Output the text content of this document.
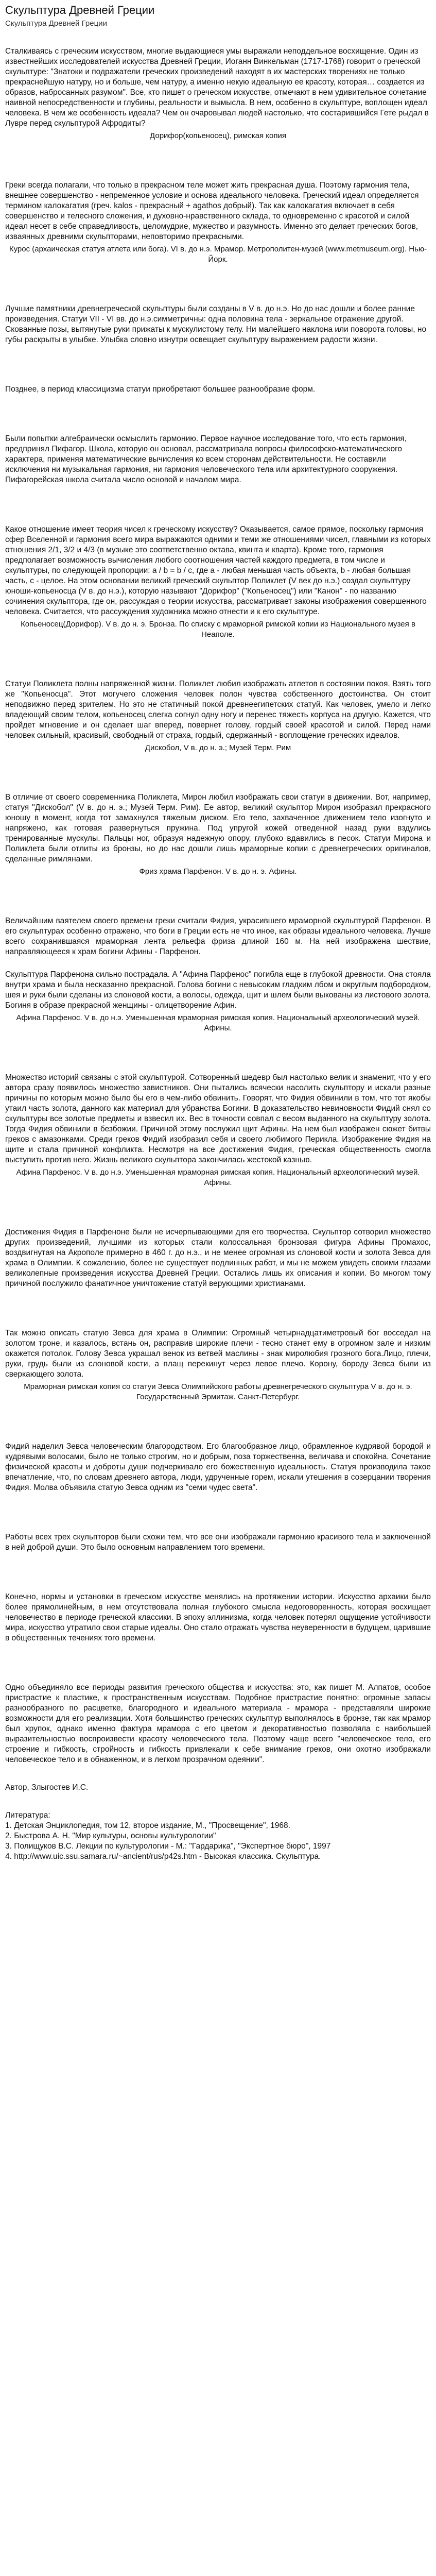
Скульптура Древней Греции
Скульптура Древней Греции

Сталкиваясь с греческим искусством, многие выдающиеся умы выражали неподдельное восхищение. Один из известнейших исследователей искусства Древней Греции, Иоганн Винкельман (1717-1768) говорит о греческой скульптуре: "Знатоки и подражатели греческих произведений находят в их мастерских творениях не только прекраснейшую натуру, но и больше, чем натуру, а именно некую идеальную ее красоту, которая… создается из образов, набросанных разумом". Все, кто пишет о греческом искусстве, отмечают в нем удивительное сочетание наивной непосредственности и глубины, реальности и вымысла. В нем, особенно в скульптуре, воплощен идеал человека. В чем же особенность идеала? Чем он очаровывал людей настолько, что состарившийся Гете рыдал в Лувре перед скульптурой Афродиты?

Дорифор(копьеносец), римская копия

Греки всегда полагали, что только в прекрасном теле может жить прекрасная душа. Поэтому гармония тела, внешнее совершенство - непременное условие и основа идеального человека. Греческий идеал определяется термином калокагатия (греч. kalos - прекрасный + agathos добрый). Так как калокагатия включает в себя совершенство и телесного сложения, и духовно-нравственного склада, то одновременно с красотой и силой идеал несет в себе справедливость, целомудрие, мужество и разумность. Именно это делает греческих богов, изваянных древними скульпторами, неповторимо прекрасными.

Курос (архаическая статуя атлета или бога). VI в. до н.э. Мрамор. Метрополитен-музей (www.metmuseum.org). Нью-Йорк.

Лучшие памятники древнегреческой скульптуры были созданы в V в. до н.э. Но до нас дошли и более ранние произведения. Статуи VII - VI вв. до н.э.симметричны: одна половина тела - зеркальное отражение другой. Скованные позы, вытянутые руки прижаты к мускулистому телу. Ни малейшего наклона или поворота головы, но губы раскрыты в улыбке. Улыбка словно изнутри освещает скульптуру выражением радости жизни.

Позднее, в период классицизма статуи приобретают большее разнообразие форм.

Были попытки алгебраически осмыслить гармонию. Первое научное исследование того, что есть гармония, предпринял Пифагор. Школа, которую он основал, рассматривала вопросы философско-математического характера, применяя математические вычисления ко всем сторонам действительности. Не составили исключения ни музыкальная гармония, ни гармония человеческого тела или архитектурного сооружения. Пифагорейская школа считала число основой и началом мира.

Какое отношение имеет теория чисел к греческому искусству? Оказывается, самое прямое, поскольку гармония сфер Вселенной и гармония всего мира выражаются одними и теми же отношениями чисел, главными из которых отношения 2/1, 3/2 и 4/3 (в музыке это соответственно октава, квинта и кварта). Кроме того, гармония предполагает возможность вычисления любого соотношения частей каждого предмета, в том числе и скульптуры, по следующей пропорции: a / b = b / c, где a - любая меньшая часть объекта, b - любая большая часть, c - целое. На этом основании великий греческий скульптор Поликлет (V век до н.э.) создал скульптуру юноши-копьеносца (V в. до н.э.), которую называют "Дорифор" ("Копьеносец") или "Канон" - по названию сочинения скульптора, где он, рассуждая о теории искусства, рассматривает законы изображения совершенного человека. Считается, что рассуждения художника можно отнести и к его скульптуре.

Копьеносец(Дорифор). V в. до н. э. Бронза. По списку с мраморной римской копии из Национального музея в Неаполе.

Статуи Поликлета полны напряженной жизни. Поликлет любил изображать атлетов в состоянии покоя. Взять того же "Копьеносца". Этот могучего сложения человек полон чувства собственного достоинства. Он стоит неподвижно перед зрителем. Но это не статичный покой древнеегипетских статуй. Как человек, умело и легко владеющий своим телом, копьеносец слегка согнул одну ногу и перенес тяжесть корпуса на другую. Кажется, что пройдет мгновение и он сделает шаг вперед, повернет голову, гордый своей красотой и силой. Перед нами человек сильный, красивый, свободный от страха, гордый, сдержанный - воплощение греческих идеалов.

Дискобол, V в. до н. э.; Музей Терм. Рим

В отличие от своего современника Поликлета, Мирон любил изображать свои статуи в движении. Вот, например, статуя "Дискобол" (V в. до н. э.; Музей Терм. Рим). Ее автор, великий скульптор Мирон изобразил прекрасного юношу в момент, когда тот замахнулся тяжелым диском. Его тело, захваченное движением тело изогнуто и напряжено, как готовая развернуться пружина. Под упругой кожей отведенной назад руки вздулись тренированные мускулы. Пальцы ног, образуя надежную опору, глубоко вдавились в песок. Статуи Мирона и Поликлета были отлиты из бронзы, но до нас дошли лишь мраморные копии с древнегреческих оригиналов, сделанные римлянами.

Фриз храма Парфенон. V в. до н. э. Афины.

Величайшим ваятелем своего времени греки считали Фидия, украсившего мраморной скульптурой Парфенон. В его скульптурах особенно отражено, что боги в Греции есть не что иное, как образы идеального человека. Лучше всего сохранившаяся мраморная лента рельефа фриза длиной 160 м. На ней изображена шествие, направляющееся к храм богини Афины - Парфенон.

Скульптура Парфенона сильно пострадала. А "Афина Парфенос" погибла еще в глубокой древности. Она стояла внутри храма и была несказанно прекрасной. Голова богини с невысоким гладким лбом и округлым подбородком, шея и руки были сделаны из слоновой кости, а волосы, одежда, щит и шлем были выкованы из листового золота. Богиня в образе прекрасной женщины - олицетворение Афин.

Афина Парфенос. V в. до н.э. Уменьшенная мраморная римская копия. Национальный археологический музей. Афины.

Множество историй связаны с этой скульптурой. Сотворенный шедевр был настолько велик и знаменит, что у его автора сразу появилось множество завистников. Они пытались всячески насолить скульптору и искали разные причины по которым можно было бы его в чем-либо обвинить. Говорят, что Фидия обвинили в том, что тот якобы утаил часть золота, данного как материал для убранства Богини. В доказательство невиновности Фидий снял со скульптуры все золотые предметы и взвесил их. Вес в точности совпал с весом выданного на скульптуру золота. Тогда Фидия обвинили в безбожии. Причиной этому послужил щит Афины. На нем был изображен сюжет битвы греков с амазонками. Среди греков Фидий изобразил себя и своего любимого Перикла. Изображение Фидия на щите и стала причиной конфликта. Несмотря на все достижения Фидия, греческая общественность смогла выступить против него. Жизнь великого скульптора закончилась жестокой казнью.

Афина Парфенос. V в. до н.э. Уменьшенная мраморная римская копия. Национальный археологический музей. Афины.

Достижения Фидия в Парфеноне были не исчерпывающими для его творчества. Скульптор сотворил множество других произведений, лучшими из которых стали колоссальная бронзовая фигура Афины Промахос, воздвигнутая на Акрополе примерно в 460 г. до н.э., и не менее огромная из слоновой кости и золота Зевса для храма в Олимпии. К сожалению, более не существует подлинных работ, и мы не можем увидеть своими глазами великолепные произведения искусства Древней Греции. Остались лишь их описания и копии. Во многом тому причиной послужило фанатичное уничтожение статуй верующими христианами.

Так можно описать статую Зевса для храма в Олимпии: Огромный четырнадцатиметровый бог восседал на золотом троне, и казалось, встань он, расправив широкие плечи - тесно станет ему в огромном зале и низким окажется потолок. Голову Зевса украшал венок из ветвей маслины - знак миролюбия грозного бога.Лицо, плечи, руки, грудь были из слоновой кости, а плащ перекинут через левое плечо. Корону, бороду Зевса были из сверкающего золота.

Мраморная римская копия со статуи Зевса Олимпийского работы древнегреческого скульптура V в. до н. э. Государственный Эрмитаж. Санкт-Петербург.

Фидий наделил Зевса человеческим благородством. Его благообразное лицо, обрамленное кудрявой бородой и кудрявыми волосами, было не только строгим, но и добрым, поза торжественна, величава и спокойна. Сочетание физической красоты и доброты души подчеркивало его божественную идеальность. Статуя производила такое впечатление, что, по словам древнего автора, люди, удрученные горем, искали утешения в созерцании творения Фидия. Молва объявила статую Зевса одним из "семи чудес света".

Работы всех трех скульпторов были схожи тем, что все они изображали гармонию красивого тела и заключенной в ней доброй души. Это было основным направлением того времени.

Конечно, нормы и установки в греческом искусстве менялись на протяжении истории. Искусство архаики было более прямолинейным, в нем отсутствовала полная глубокого смысла недоговоренность, которая восхищает человечество в периоде греческой классики. В эпоху эллинизма, когда человек потерял ощущение устойчивости мира, искусство утратило свои старые идеалы. Оно стало отражать чувства неуверенности в будущем, царившие в общественных течениях того времени.

Одно объединяло все периоды развития греческого общества и искусства: это, как пишет М. Алпатов, особое пристрастие к пластике, к пространственным искусствам. Подобное пристрастие понятно: огромные запасы разнообразного по расцветке, благородного и идеального материала - мрамора - представляли широкие возможности для его реализации. Хотя большинство греческих скульптур выполнялось в бронзе, так как мрамор был хрупок, однако именно фактура мрамора с его цветом и декоративностью позволяла с наибольшей выразительностью воспроизвести красоту человеческого тела. Поэтому чаще всего "человеческое тело, его строение и гибкость, стройность и гибкость привлекали к себе внимание греков, они охотно изображали человеческое тело и в обнаженном, и в легком прозрачном одеянии".

Автор, Злыгостев И.С.

Литература:

1. Детская Энциклопедия, том 12, второе издание, М., "Просвещение", 1968.
2. Быстрова А. Н. "Мир культуры, основы культурологии"
3. Полищуков В.С. Лекции по культурологии - М.: "Гардарика", "Экспертное бюро", 1997
4. http://www.uic.ssu.samara.ru/~ancient/rus/p42s.htm - Высокая классика. Скульптура.
